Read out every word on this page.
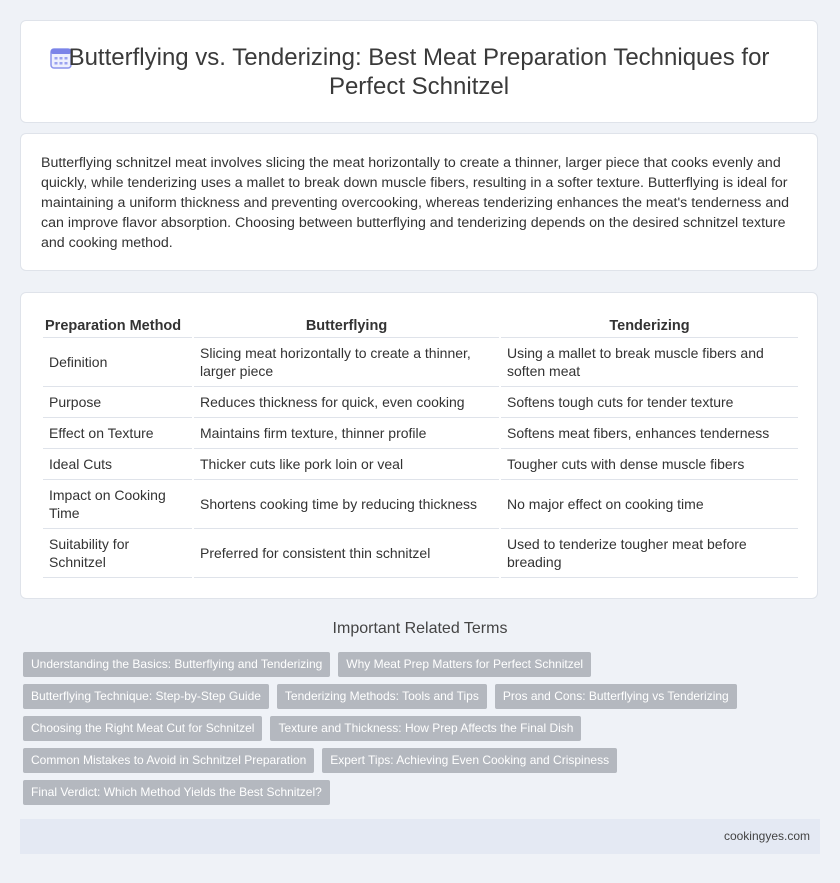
Butterflying vs. Tenderizing: Best Meat Preparation Techniques for Perfect Schnitzel

Butterflying schnitzel meat involves slicing the meat horizontally to create a thinner, larger piece that cooks evenly and quickly, while tenderizing uses a mallet to break down muscle fibers, resulting in a softer texture. Butterflying is ideal for maintaining a uniform thickness and preventing overcooking, whereas tenderizing enhances the meat's tenderness and can improve flavor absorption. Choosing between butterflying and tenderizing depends on the desired schnitzel texture and cooking method.

Preparation Method	Butterflying	Tenderizing
Definition	Slicing meat horizontally to create a thinner, larger piece	Using a mallet to break muscle fibers and soften meat
Purpose	Reduces thickness for quick, even cooking	Softens tough cuts for tender texture
Effect on Texture	Maintains firm texture, thinner profile	Softens meat fibers, enhances tenderness
Ideal Cuts	Thicker cuts like pork loin or veal	Tougher cuts with dense muscle fibers
Impact on Cooking Time	Shortens cooking time by reducing thickness	No major effect on cooking time
Suitability for Schnitzel	Preferred for consistent thin schnitzel	Used to tenderize tougher meat before breading
Important Related Terms
Understanding the Basics: Butterflying and Tenderizing	Why Meat Prep Matters for Perfect Schnitzel
Butterflying Technique: Step-by-Step Guide	Tenderizing Methods: Tools and Tips	Pros and Cons: Butterflying vs Tenderizing
Choosing the Right Meat Cut for Schnitzel	Texture and Thickness: How Prep Affects the Final Dish
Common Mistakes to Avoid in Schnitzel Preparation	Expert Tips: Achieving Even Cooking and Crispiness
Final Verdict: Which Method Yields the Best Schnitzel?
cookingyes.com
